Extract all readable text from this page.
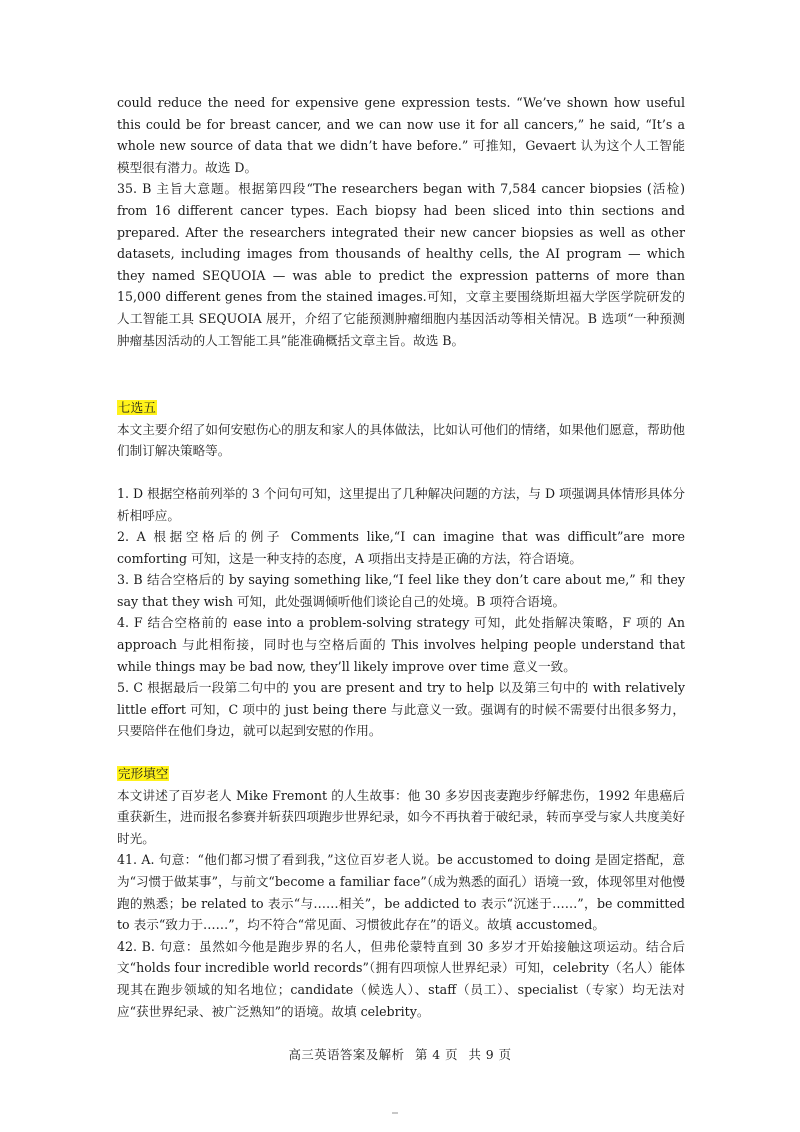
could reduce the need for expensive gene expression tests. “We’ve shown how useful this could be for breast cancer, and we can now use it for all cancers,” he said, “It’s a whole new source of data that we didn’t have before.” 可推知，Gevaert 认为这个人工智能模型很有潜力。故选 D。

35. B 主旨大意题。根据第四段“The researchers began with 7,584 cancer biopsies (活检) from 16 different cancer types. Each biopsy had been sliced into thin sections and prepared. After the researchers integrated their new cancer biopsies as well as other datasets, including images from thousands of healthy cells, the AI program — which they named SEQUOIA — was able to predict the expression patterns of more than 15,000 different genes from the stained images.可知，文章主要围绕斯坦福大学医学院研发的人工智能工具 SEQUOIA 展开，介绍了它能预测肿瘤细胞内基因活动等相关情况。B 选项“一种预测肿瘤基因活动的人工智能工具”能准确概括文章主旨。故选 B。

七选五

本文主要介绍了如何安慰伤心的朋友和家人的具体做法，比如认可他们的情绪，如果他们愿意，帮助他们制订解决策略等。

1. D 根据空格前列举的 3 个问句可知，这里提出了几种解决问题的方法，与 D 项强调具体情形具体分析相呼应。

2. A 根据空格后的例子 Comments like,“I can imagine that was difficult”are more comforting 可知，这是一种支持的态度，A 项指出支持是正确的方法，符合语境。

3. B 结合空格后的 by saying something like,“I feel like they don’t care about me,” 和 they say that they wish 可知，此处强调倾听他们谈论自己的处境。B 项符合语境。

4. F 结合空格前的 ease into a problem-solving strategy 可知，此处指解决策略，F 项的 An approach 与此相衔接，同时也与空格后面的 This involves helping people understand that while things may be bad now, they’ll likely improve over time 意义一致。

5. C 根据最后一段第二句中的 you are present and try to help 以及第三句中的 with relatively little effort 可知，C 项中的 just being there 与此意义一致。强调有的时候不需要付出很多努力，只要陪伴在他们身边，就可以起到安慰的作用。

完形填空

本文讲述了百岁老人 Mike Fremont 的人生故事：他 30 多岁因丧妻跑步纾解悲伤，1992 年患癌后重获新生，进而报名参赛并斩获四项跑步世界纪录，如今不再执着于破纪录，转而享受与家人共度美好时光。

41. A. 句意：“他们都习惯了看到我，”这位百岁老人说。be accustomed to doing 是固定搭配，意为“习惯于做某事”，与前文“become a familiar face”（成为熟悉的面孔）语境一致，体现邻里对他慢跑的熟悉；be related to 表示“与……相关”，be addicted to 表示“沉迷于……”，be committed to 表示“致力于……”，均不符合“常见面、习惯彼此存在”的语义。故填 accustomed。

42. B. 句意：虽然如今他是跑步界的名人，但弗伦蒙特直到 30 多岁才开始接触这项运动。结合后文“holds four incredible world records”（拥有四项惊人世界纪录）可知，celebrity（名人）能体现其在跑步领域的知名地位；candidate（候选人）、staff（员工）、specialist（专家）均无法对应“获世界纪录、被广泛熟知”的语境。故填 celebrity。

高三英语答案及解析 第 4 页 共 9 页
